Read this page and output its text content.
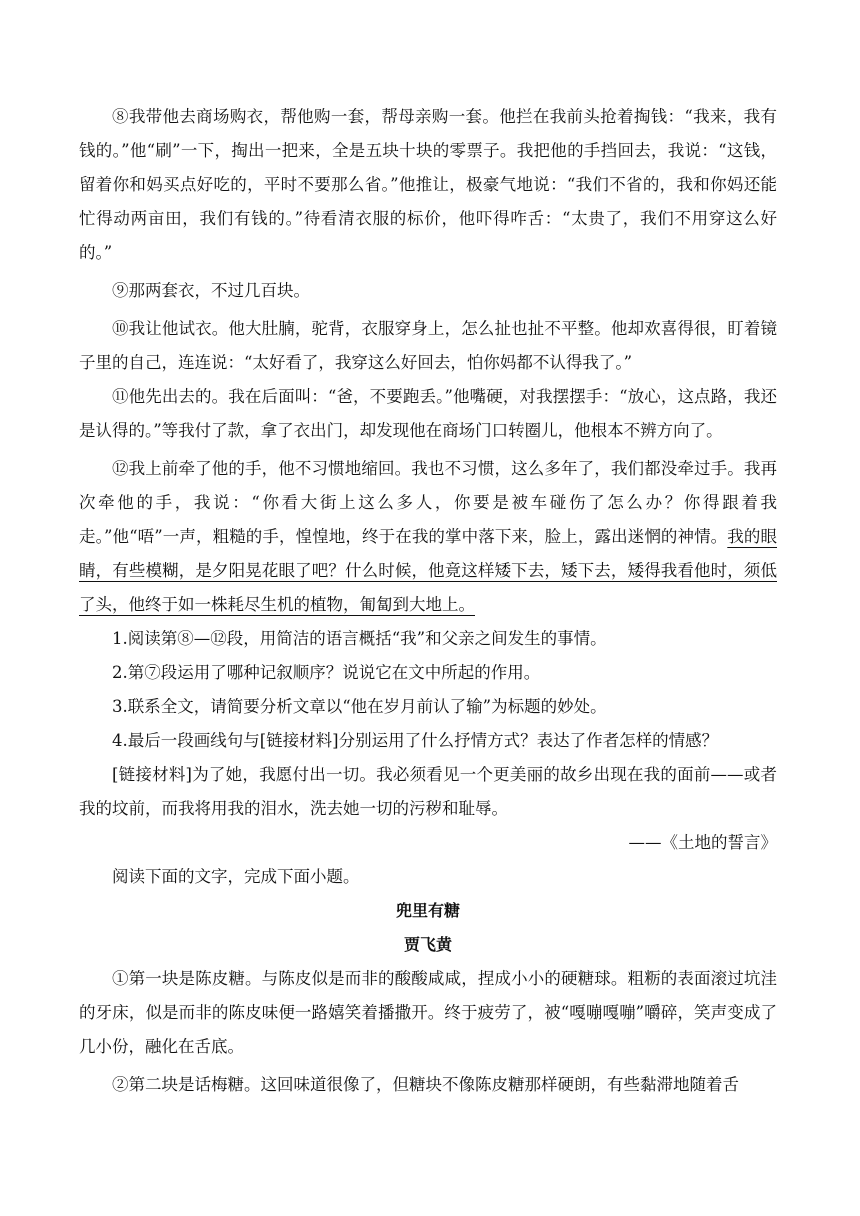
⑧我带他去商场购衣，帮他购一套，帮母亲购一套。他拦在我前头抢着掏钱：“我来，我有钱的。”他“刷”一下，掏出一把来，全是五块十块的零票子。我把他的手挡回去，我说：“这钱，留着你和妈买点好吃的，平时不要那么省。”他推让，极豪气地说：“我们不省的，我和你妈还能忙得动两亩田，我们有钱的。”待看清衣服的标价，他吓得咋舌：“太贵了，我们不用穿这么好的。”

⑨那两套衣，不过几百块。

⑩我让他试衣。他大肚腩，驼背，衣服穿身上，怎么扯也扯不平整。他却欢喜得很，盯着镜子里的自己，连连说：“太好看了，我穿这么好回去，怕你妈都不认得我了。”

⑪他先出去的。我在后面叫：“爸，不要跑丢。”他嘴硬，对我摆摆手：“放心，这点路，我还是认得的。”等我付了款，拿了衣出门，却发现他在商场门口转圈儿，他根本不辨方向了。

⑫我上前牵了他的手，他不习惯地缩回。我也不习惯，这么多年了，我们都没牵过手。我再次牵他的手，我说：“你看大街上这么多人，你要是被车碰伤了怎么办？你得跟着我走。”他“唔”一声，粗糙的手，惶惶地，终于在我的掌中落下来，脸上，露出迷惘的神情。我的眼睛，有些模糊，是夕阳晃花眼了吧？什么时候，他竟这样矮下去，矮下去，矮得我看他时，须低了头，他终于如一株耗尽生机的植物，匍匐到大地上。

1.阅读第⑧—⑫段，用简洁的语言概括“我”和父亲之间发生的事情。

2.第⑦段运用了哪种记叙顺序？说说它在文中所起的作用。

3.联系全文，请简要分析文章以“他在岁月前认了输”为标题的妙处。

4.最后一段画线句与[链接材料]分别运用了什么抒情方式？表达了作者怎样的情感？

[链接材料]为了她，我愿付出一切。我必须看见一个更美丽的故乡出现在我的面前——或者我的坟前，而我将用我的泪水，洗去她一切的污秽和耻辱。

——《土地的誓言》

阅读下面的文字，完成下面小题。

兜里有糖

贾飞黄

①第一块是陈皮糖。与陈皮似是而非的酸酸咸咸，捏成小小的硬糖球。粗粝的表面滚过坑洼的牙床，似是而非的陈皮味便一路嬉笑着播撒开。终于疲劳了，被“嘎嘣嘎嘣”嚼碎，笑声变成了几小份，融化在舌底。

②第二块是话梅糖。这回味道很像了，但糖块不像陈皮糖那样硬朗，有些黏滞地随着舌
